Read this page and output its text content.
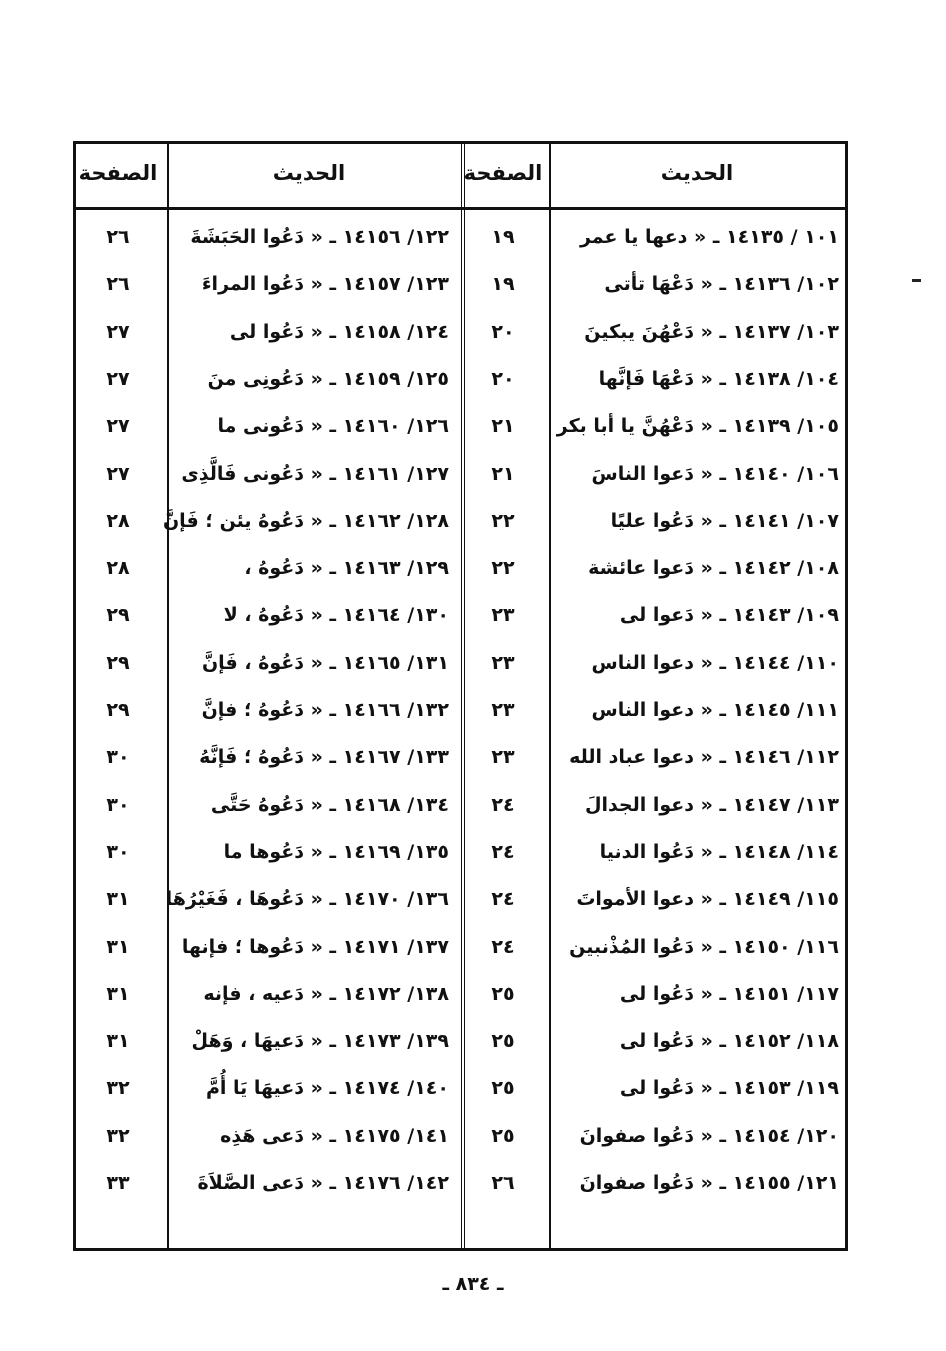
الحديث
الصفحة
الحديث
الصفحة
١٠١ / ١٤١٣٥ ـ « دعها يا عمر
١٩
١٢٢/ ١٤١٥٦ ـ « دَعُوا الحَبَشَةَ
٢٦
١٠٢/ ١٤١٣٦ ـ « دَعْهَا تأتى
١٩
١٢٣/ ١٤١٥٧ ـ « دَعُوا المراءَ
٢٦
١٠٣/ ١٤١٣٧ ـ « دَعْهُنَ يبكينَ
٢٠
١٢٤/ ١٤١٥٨ ـ « دَعُوا لى
٢٧
١٠٤/ ١٤١٣٨ ـ « دَعْهَا فَإنَّها
٢٠
١٢٥/ ١٤١٥٩ ـ « دَعُونِى منَ
٢٧
١٠٥/ ١٤١٣٩ ـ « دَعْهُنَّ يا أبا بكر
٢١
١٢٦/ ١٤١٦٠ ـ « دَعُونى ما
٢٧
١٠٦/ ١٤١٤٠ ـ « دَعوا الناسَ
٢١
١٢٧/ ١٤١٦١ ـ « دَعُونى فَالَّذِى
٢٧
١٠٧/ ١٤١٤١ ـ « دَعُوا عليًا
٢٢
١٢٨/ ١٤١٦٢ ـ « دَعُوهُ يئن ؛ فَإنَّ
٢٨
١٠٨/ ١٤١٤٢ ـ « دَعوا عائشة
٢٢
١٢٩/ ١٤١٦٣ ـ « دَعُوهُ ،
٢٨
١٠٩/ ١٤١٤٣ ـ « دَعوا لى
٢٣
١٣٠/ ١٤١٦٤ ـ « دَعُوهُ ، لا
٢٩
١١٠/ ١٤١٤٤ ـ « دعوا الناس
٢٣
١٣١/ ١٤١٦٥ ـ « دَعُوهُ ، فَإنَّ
٢٩
١١١/ ١٤١٤٥ ـ « دعوا الناس
٢٣
١٣٢/ ١٤١٦٦ ـ « دَعُوهُ ؛ فإنَّ
٢٩
١١٢/ ١٤١٤٦ ـ « دعوا عباد الله
٢٣
١٣٣/ ١٤١٦٧ ـ « دَعُوهُ ؛ فَإنَّهُ
٣٠
١١٣/ ١٤١٤٧ ـ « دعوا الجدالَ
٢٤
١٣٤/ ١٤١٦٨ ـ « دَعُوهُ حَتَّى
٣٠
١١٤/ ١٤١٤٨ ـ « دَعُوا الدنيا
٢٤
١٣٥/ ١٤١٦٩ ـ « دَعُوها ما
٣٠
١١٥/ ١٤١٤٩ ـ « دعوا الأمواتَ
٢٤
١٣٦/ ١٤١٧٠ ـ « دَعُوهَا ، فَغَيْرُهَا
٣١
١١٦/ ١٤١٥٠ ـ « دَعُوا المُذْنبين
٢٤
١٣٧/ ١٤١٧١ ـ « دَعُوها ؛ فإنها
٣١
١١٧/ ١٤١٥١ ـ « دَعُوا لى
٢٥
١٣٨/ ١٤١٧٢ ـ « دَعيه ، فإنه
٣١
١١٨/ ١٤١٥٢ ـ « دَعُوا لى
٢٥
١٣٩/ ١٤١٧٣ ـ « دَعيهَا ، وَهَلْ
٣١
١١٩/ ١٤١٥٣ ـ « دَعُوا لى
٢٥
١٤٠/ ١٤١٧٤ ـ « دَعيهَا يَا أُمَّ
٣٢
١٢٠/ ١٤١٥٤ ـ « دَعُوا صفوانَ
٢٥
١٤١/ ١٤١٧٥ ـ « دَعى هَذِه
٣٢
١٢١/ ١٤١٥٥ ـ « دَعُوا صفوانَ
٢٦
١٤٢/ ١٤١٧٦ ـ « دَعى الصَّلاَةَ
٣٣
ـ ٨٣٤ ـ
